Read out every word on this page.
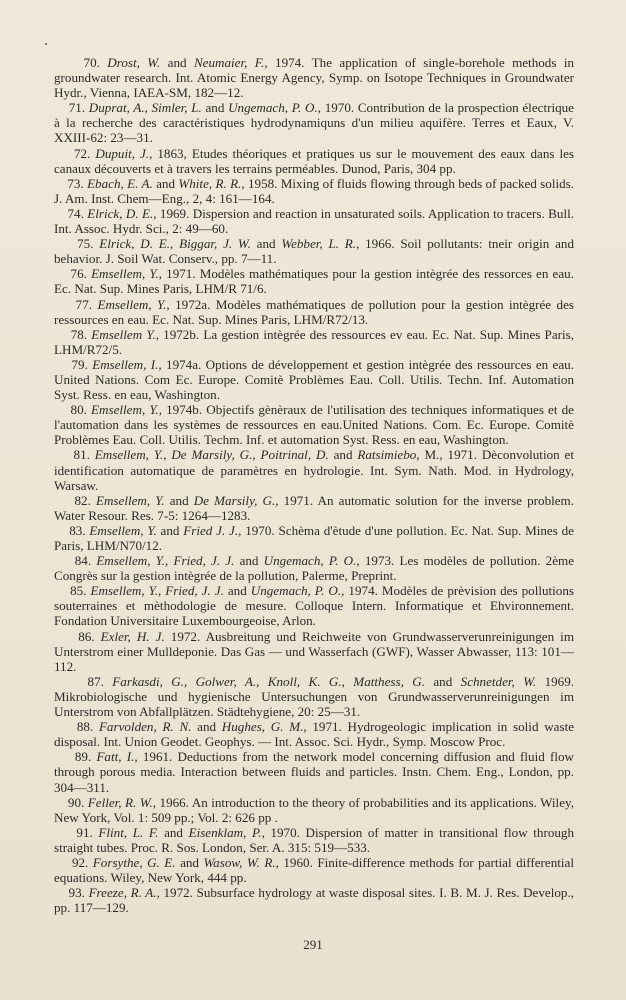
70. Drost, W. and Neumaier, F., 1974. The application of single-borehole methods in groundwater research. Int. Atomic Energy Agency, Symp. on Isotope Techniques in Groundwater Hydr., Vienna, IAEA-SM, 182—12.

71. Duprat, A., Simler, L. and Ungemach, P. O., 1970. Contribution de la prospection électrique à la recherche des caractéristiques hydrodynamiquns d'un milieu aquifère. Terres et Eaux, V. XXIII-62: 23—31.

72. Dupuit, J., 1863, Etudes théoriques et pratiques us sur le mouvement des eaux dans les canaux découverts et à travers les terrains perméables. Dunod, Paris, 304 pp.

73. Ebach, E. A. and White, R. R., 1958. Mixing of fluids flowing through beds of packed solids. J. Am. Inst. Chem—Eng., 2, 4: 161—164.

74. Elrick, D. E., 1969. Dispersion and reaction in unsaturated soils. Application to tracers. Bull. Int. Assoc. Hydr. Sci., 2: 49—60.

75. Elrick, D. E., Biggar, J. W. and Webber, L. R., 1966. Soil pollutants: tneir origin and behavior. J. Soil Wat. Conserv., pp. 7—11.

76. Emsellem, Y., 1971. Modèles mathématiques pour la gestion intègrée des ressorces en eau. Ec. Nat. Sup. Mines Paris, LHM/R 71/6.

77. Emsellem, Y., 1972a. Modèles mathématiques de pollution pour la gestion intègrée des ressources en eau. Ec. Nat. Sup. Mines Paris, LHM/R72/13.

78. Emsellem Y., 1972b. La gestion intègrée des ressources ev eau. Ec. Nat. Sup. Mines Paris, LHM/R72/5.

79. Emsellem, I., 1974a. Options de développement et gestion intègrée des ressources en eau. United Nations. Com Ec. Europe. Comitè Problèmes Eau. Coll. Utilis. Techn. Inf. Automation Syst. Ress. en eau, Washington.

80. Emsellem, Y., 1974b. Objectifs gènèraux de l'utilisation des techniques informatiques et de l'automation dans les systèmes de ressources en eau.United Nations. Com. Ec. Europe. Comitè Problèmes Eau. Coll. Utilis. Techm. Inf. et automation Syst. Ress. en eau, Washington.

81. Emsellem, Y., De Marsily, G., Poitrinal, D. and Ratsimiebo, M., 1971. Dèconvolution et identification automatique de paramètres en hydrologie. Int. Sym. Nath. Mod. in Hydrology, Warsaw.

82. Emsellem, Y. and De Marsily, G., 1971. An automatic solution for the inverse problem. Water Resour. Res. 7-5: 1264—1283.

83. Emsellem, Y. and Fried J. J., 1970. Schèma d'ètude d'une pollution. Ec. Nat. Sup. Mines de Paris, LHM/N70/12.

84. Emsellem, Y., Fried, J. J. and Ungemach, P. O., 1973. Les modèles de pollution. 2ème Congrès sur la gestion intègrée de la pollution, Palerme, Preprint.

85. Emsellem, Y., Fried, J. J. and Ungemach, P. O., 1974. Modèles de prèvision des pollutions souterraines et mèthodologie de mesure. Colloque Intern. Informatique et Ehvironnement. Fondation Universitaire Luxembourgeoise, Arlon.

86. Exler, H. J. 1972. Ausbreitung und Reichweite von Grundwasserverunreinigungen im Unterstrom einer Mulldeponie. Das Gas — und Wasserfach (GWF), Wasser Abwasser, 113: 101—112.

87. Farkasdi, G., Golwer, A., Knoll, K. G., Matthess, G. and Schnetder, W. 1969. Mikrobiologische und hygienische Untersuchungen von Grundwasserverunreinigungen im Unterstrom von Abfallplätzen. Städtehygiene, 20: 25—31.

88. Farvolden, R. N. and Hughes, G. M., 1971. Hydrogeologic implication in solid waste disposal. Int. Union Geodet. Geophys. — Int. Assoc. Sci. Hydr., Symp. Moscow Proc.

89. Fatt, I., 1961. Deductions from the network model concerning diffusion and fluid flow through porous media. Interaction between fluids and particles. Instn. Chem. Eng., London, pp. 304—311.

90. Feller, R. W., 1966. An introduction to the theory of probabilities and its applications. Wiley, New York, Vol. 1: 509 pp.; Vol. 2: 626 pp .

91. Flint, L. F. and Eisenklam, P., 1970. Dispersion of matter in transitional flow through straight tubes. Proc. R. Sos. London, Ser. A. 315: 519—533.

92. Forsythe, G. E. and Wasow, W. R., 1960. Finite-difference methods for partial differential equations. Wiley, New York, 444 pp.

93. Freeze, R. A., 1972. Subsurface hydrology at waste disposal sites. I. B. M. J. Res. Develop., pp. 117—129.

291
